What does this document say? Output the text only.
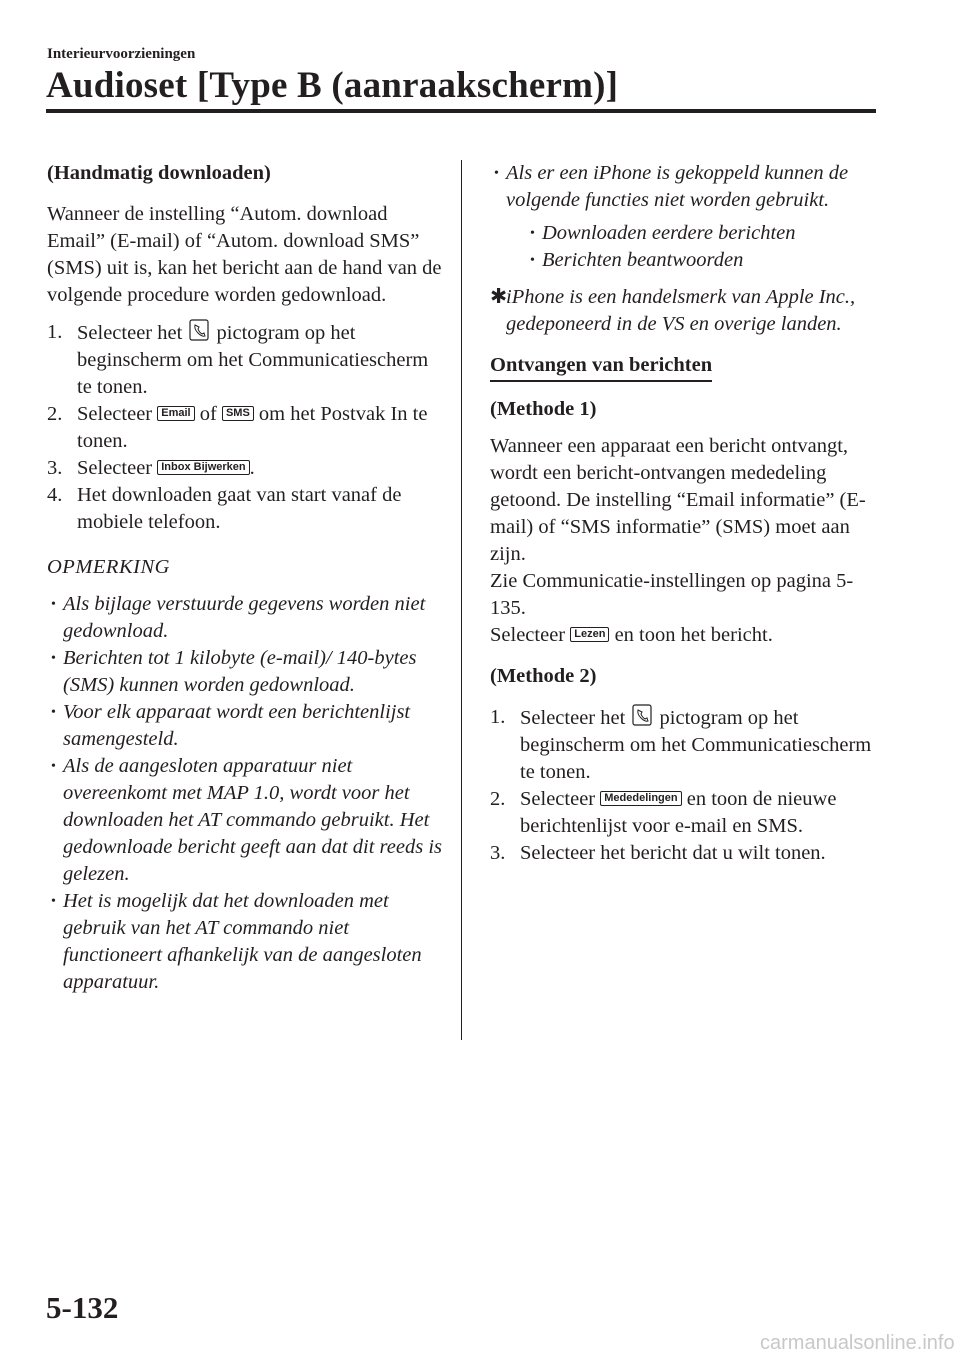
Interieurvoorzieningen
Audioset [Type B (aanraakscherm)]

(Handmatig downloaden)

Wanneer de instelling “Autom. download Email” (E-mail) of “Autom. download SMS” (SMS) uit is, kan het bericht aan de hand van de volgende procedure worden gedownload.

1. Selecteer het pictogram op het beginscherm om het Communicatiescherm te tonen.
2. Selecteer Email of SMS om het Postvak In te tonen.
3. Selecteer Inbox Bijwerken .
4. Het downloaden gaat van start vanaf de mobiele telefoon.

OPMERKING

• Als bijlage verstuurde gegevens worden niet gedownload.
• Berichten tot 1 kilobyte (e-mail)/ 140-bytes (SMS) kunnen worden gedownload.
• Voor elk apparaat wordt een berichtenlijst samengesteld.
• Als de aangesloten apparatuur niet overeenkomt met MAP 1.0, wordt voor het downloaden het AT commando gebruikt. Het gedownloade bericht geeft aan dat dit reeds is gelezen.
• Het is mogelijk dat het downloaden met gebruik van het AT commando niet functioneert afhankelijk van de aangesloten apparatuur.
• Als er een iPhone is gekoppeld kunnen de volgende functies niet worden gebruikt.
• Downloaden eerdere berichten
• Berichten beantwoorden
✱
iPhone is een handelsmerk van Apple Inc., gedeponeerd in de VS en overige landen.

Ontvangen van berichten

(Methode 1)

Wanneer een apparaat een bericht ontvangt, wordt een bericht-ontvangen mededeling getoond. De instelling “Email informatie” (E-mail) of “SMS informatie” (SMS) moet aan zijn.

Zie Communicatie-instellingen op pagina 5-135.

Selecteer Lezen en toon het bericht.

(Methode 2)

1. Selecteer het pictogram op het beginscherm om het Communicatiescherm te tonen.
2. Selecteer Mededelingen en toon de nieuwe berichtenlijst voor e-mail en SMS.
3. Selecteer het bericht dat u wilt tonen.
5-132
carmanualsonline.info
